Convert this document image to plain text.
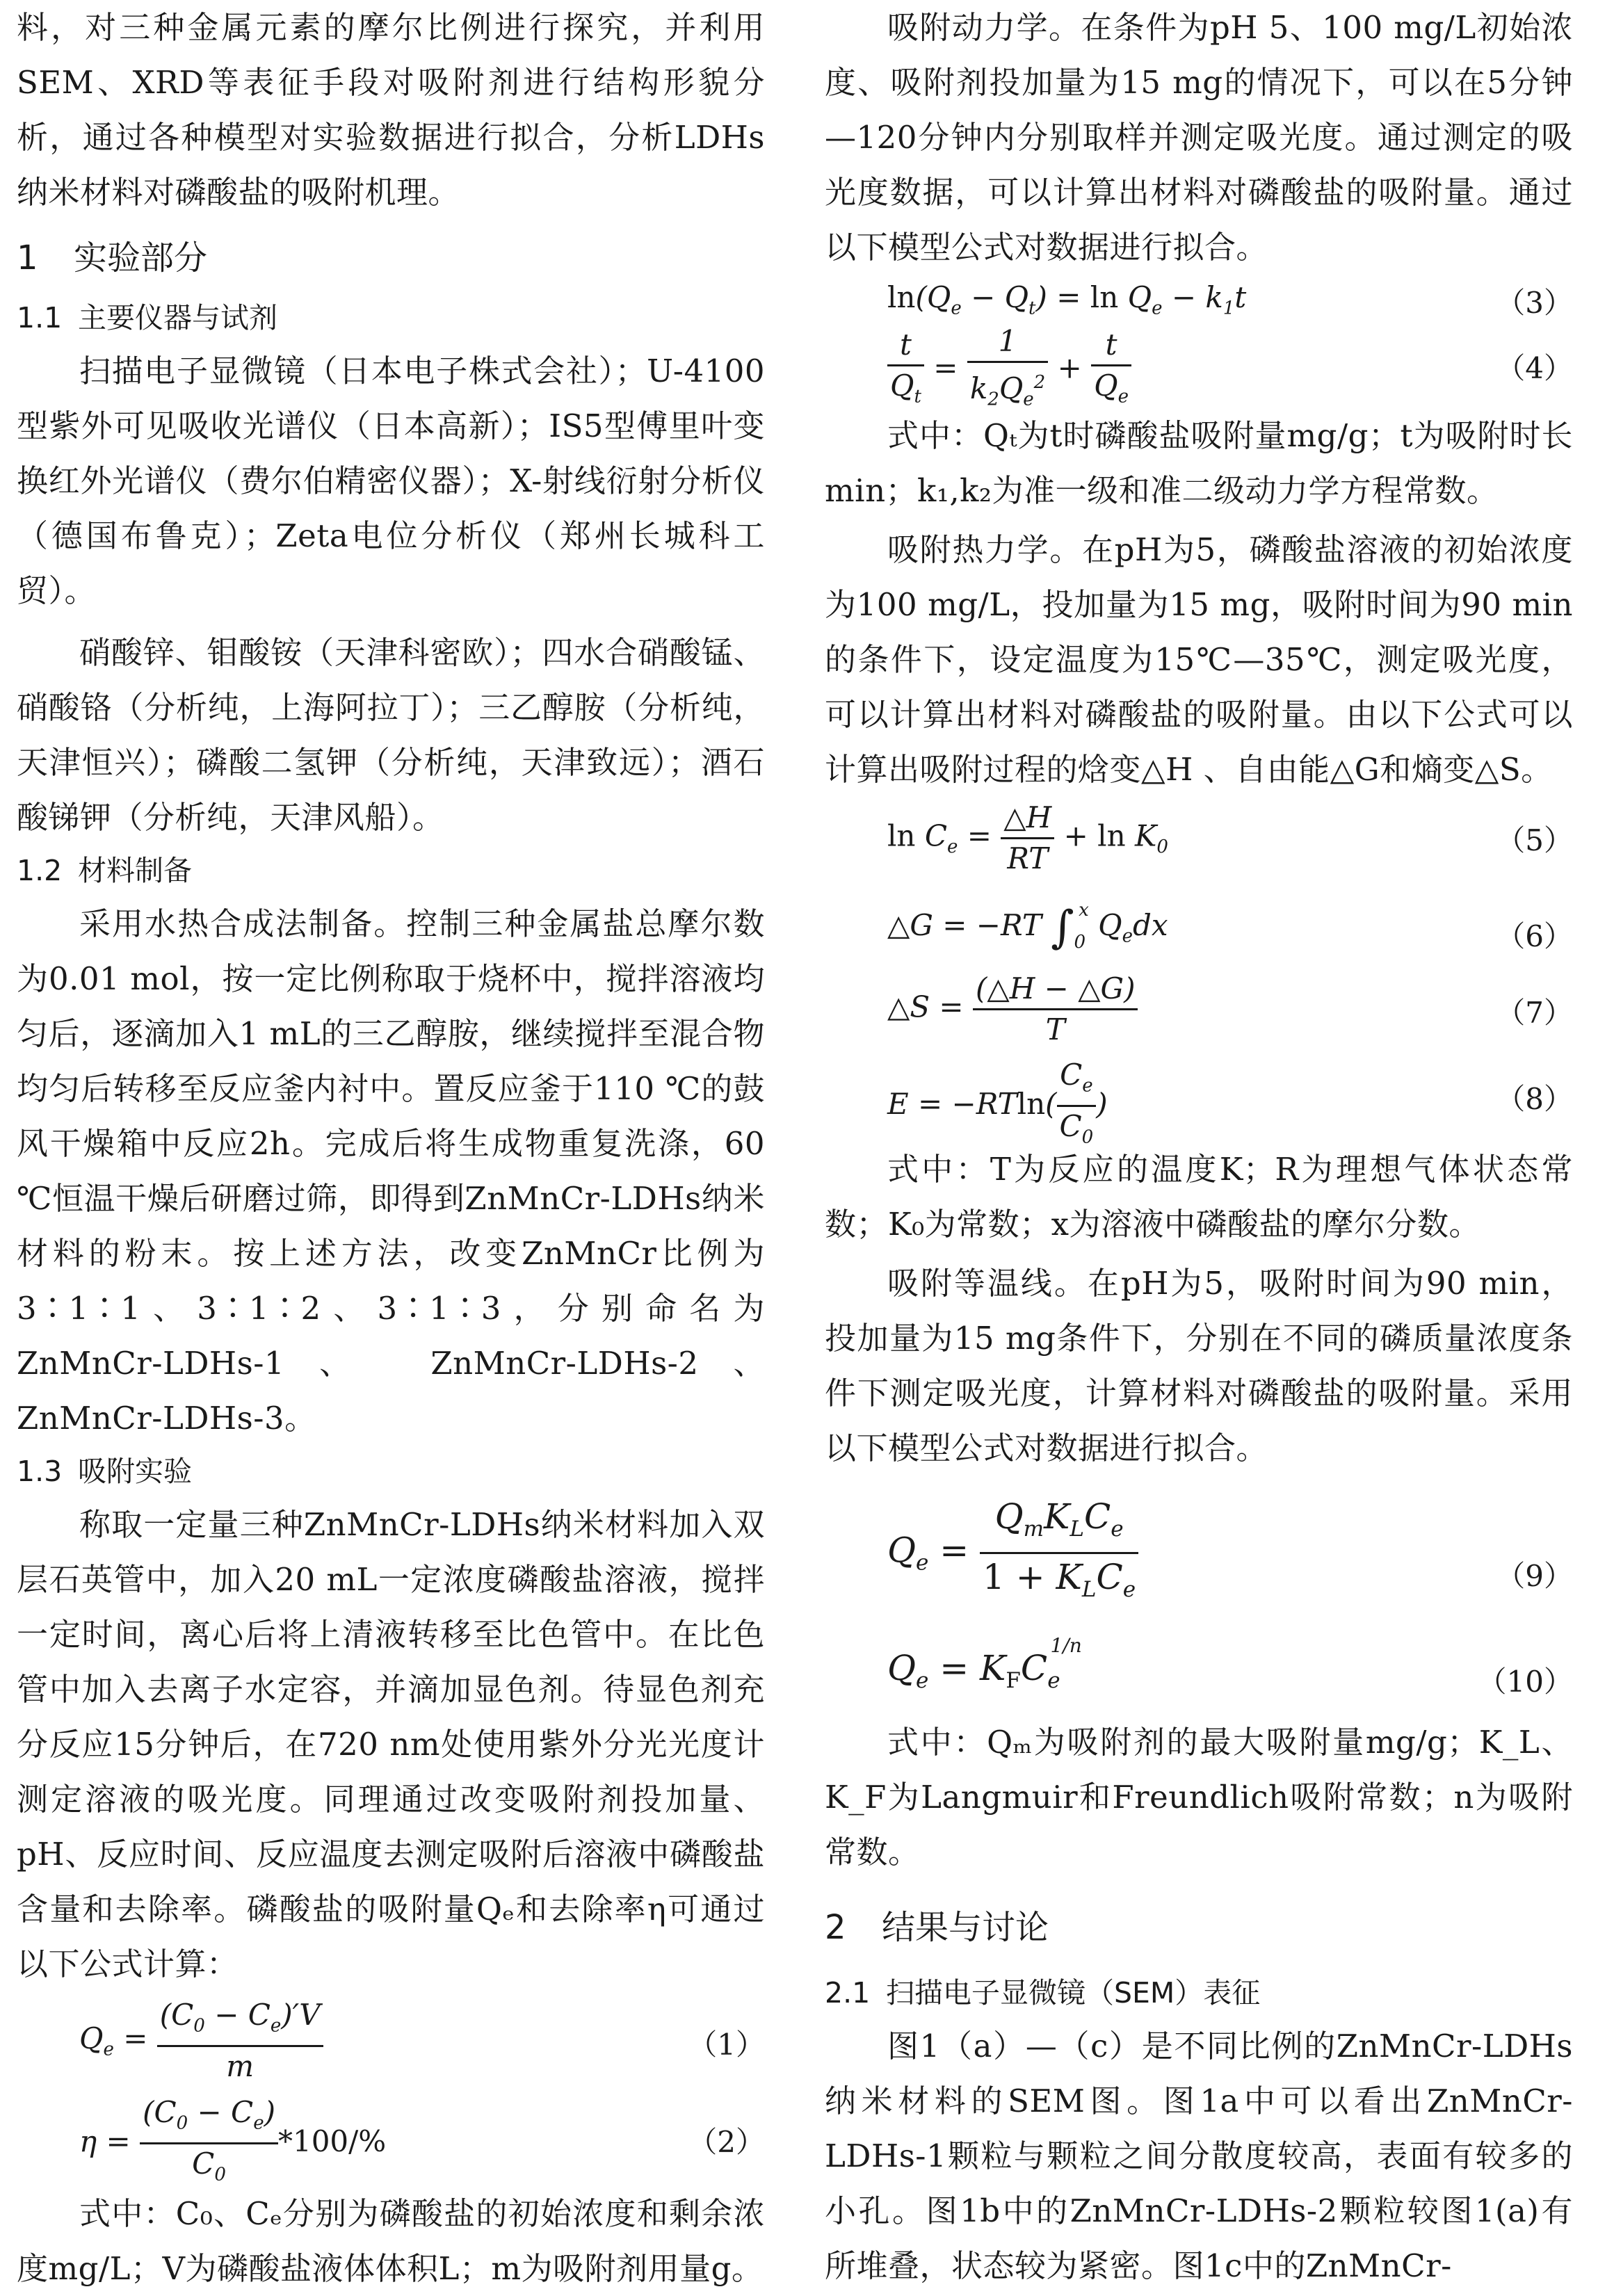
料，对三种金属元素的摩尔比例进行探究，并利用SEM、XRD等表征手段对吸附剂进行结构形貌分析，通过各种模型对实验数据进行拟合，分析LDHs纳米材料对磷酸盐的吸附机理。

1 实验部分
1.1 主要仪器与试剂

扫描电子显微镜（日本电子株式会社）；U-4100型紫外可见吸收光谱仪（日本高新）；IS5型傅里叶变换红外光谱仪（费尔伯精密仪器）；X-射线衍射分析仪（德国布鲁克）；Zeta电位分析仪（郑州长城科工贸）。

硝酸锌、钼酸铵（天津科密欧）；四水合硝酸锰、硝酸铬（分析纯，上海阿拉丁）；三乙醇胺（分析纯，天津恒兴）；磷酸二氢钾（分析纯，天津致远）；酒石酸锑钾（分析纯，天津风船）。

1.2 材料制备

采用水热合成法制备。控制三种金属盐总摩尔数为0.01 mol，按一定比例称取于烧杯中，搅拌溶液均匀后，逐滴加入1 mL的三乙醇胺，继续搅拌至混合物均匀后转移至反应釜内衬中。置反应釜于110 ℃的鼓风干燥箱中反应2h。完成后将生成物重复洗涤，60 ℃恒温干燥后研磨过筛，即得到ZnMnCr-LDHs纳米材料的粉末。按上述方法，改变ZnMnCr比例为3∶1∶1、3∶1∶2、3∶1∶3，分别命名为ZnMnCr-LDHs-1、 ZnMnCr-LDHs-2、 ZnMnCr-LDHs-3。

1.3 吸附实验

称取一定量三种ZnMnCr-LDHs纳米材料加入双层石英管中，加入20 mL一定浓度磷酸盐溶液，搅拌一定时间，离心后将上清液转移至比色管中。在比色管中加入去离子水定容，并滴加显色剂。待显色剂充分反应15分钟后，在720 nm处使用紫外分光光度计测定溶液的吸光度。同理通过改变吸附剂投加量、pH、反应时间、反应温度去测定吸附后溶液中磷酸盐含量和去除率。磷酸盐的吸附量Qₑ和去除率η可通过以下公式计算：

$Q_e = \frac{(C_0 - C_e)'V}{m}$	（1）
$\eta = \frac{(C_0 - C_e)}{C_0} *100/\%$	（2）

式中：C₀、Cₑ分别为磷酸盐的初始浓度和剩余浓度mg/L；V为磷酸盐液体体积L；m为吸附剂用量g。

吸附动力学。在条件为pH 5、100 mg/L初始浓度、吸附剂投加量为15 mg的情况下，可以在5分钟—120分钟内分别取样并测定吸光度。通过测定的吸光度数据，可以计算出材料对磷酸盐的吸附量。通过以下模型公式对数据进行拟合。

$\ln(Q_e - Q_t) = \ln Q_e - k_1t$	（3）
$\frac{t}{Q_t} = \frac{1}{k_2Q_e^2} + \frac{t}{Q_e}$	（4）

式中：Qₜ为t时磷酸盐吸附量mg/g；t为吸附时长min；k₁,k₂为准一级和准二级动力学方程常数。

吸附热力学。在pH为5，磷酸盐溶液的初始浓度为100 mg/L，投加量为15 mg，吸附时间为90 min的条件下，设定温度为15℃—35℃，测定吸光度，可以计算出材料对磷酸盐的吸附量。由以下公式可以计算出吸附过程的焓变△H 、自由能△G和熵变△S。

$\ln C_e = \frac{\triangle H}{RT} + \ln K_0$	（5）
△G = −RT $\int_0^x$ $Q_edx$	（6）
△S = $\frac{(\triangle H - \triangle G)}{T}$	（7）
$E = -RTln( \frac{C_e}{C_0}$ )	（8）

式中：T为反应的温度K；R为理想气体状态常数；K₀为常数；x为溶液中磷酸盐的摩尔分数。

吸附等温线。在pH为5，吸附时间为90 min，投加量为15 mg条件下，分别在不同的磷质量浓度条件下测定吸光度，计算材料对磷酸盐的吸附量。采用以下模型公式对数据进行拟合。

$Q_e = \frac{Q_mK_LC_e}{1 + K_LC_e}$	（9）
$Q_e = K_FC_e^{1/n}$
（10）

式中：Qₘ为吸附剂的最大吸附量mg/g；K_L、K_F为Langmuir和Freundlich吸附常数；n为吸附常数。

2 结果与讨论
2.1 扫描电子显微镜（SEM）表征

图1（a）—（c）是不同比例的ZnMnCr-LDHs纳米材料的SEM图。图1a中可以看出ZnMnCr-LDHs-1颗粒与颗粒之间分散度较高，表面有较多的小孔。图1b中的ZnMnCr-LDHs-2颗粒较图1(a)有所堆叠，状态较为紧密。图1c中的ZnMnCr-
